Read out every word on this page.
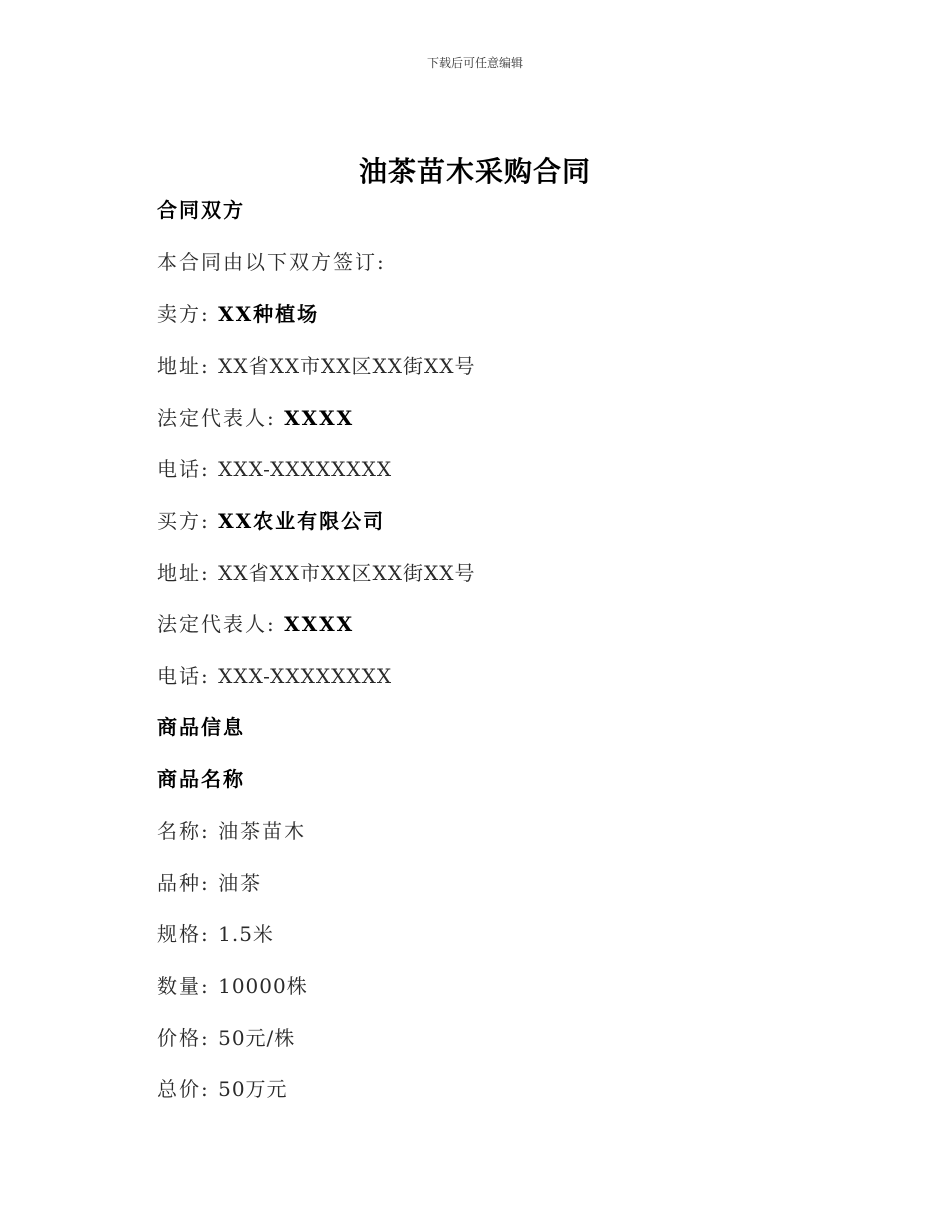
下载后可任意编辑
油茶苗木采购合同
合同双方
本合同由以下双方签订:
卖方: XX种植场
地址: XX省XX市XX区XX街XX号
法定代表人: XXXX
电话: XXX-XXXXXXXX
买方: XX农业有限公司
地址: XX省XX市XX区XX街XX号
法定代表人: XXXX
电话: XXX-XXXXXXXX
商品信息
商品名称
名称: 油茶苗木
品种: 油茶
规格: 1.5米
数量: 10000株
价格: 50元/株
总价: 50万元
